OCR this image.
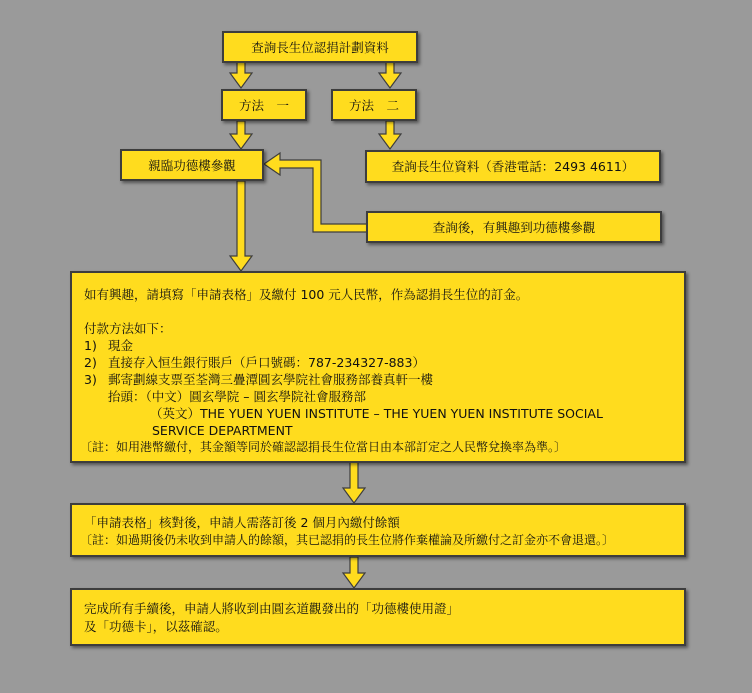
查詢長生位認捐計劃資料
方法　一	方法　二
親臨功德樓參觀	查詢長生位資料（香港電話：2493 4611）
查詢後，有興趣到功德樓參觀
如有興趣，請填寫「申請表格」及繳付 100 元人民幣，作為認捐長生位的訂金。
付款方法如下：
1) 現金
2) 直接存入恒生銀行賬戶（戶口號碼：787-234327-883）
3) 郵寄劃線支票至荃灣三疊潭圓玄學院社會服務部養真軒一樓
抬頭：（中文）圓玄學院 – 圓玄學院社會服務部
（英文）THE YUEN YUEN INSTITUTE – THE YUEN YUEN INSTITUTE SOCIAL
SERVICE DEPARTMENT
〔註：如用港幣繳付，其金額等同於確認認捐長生位當日由本部訂定之人民幣兌換率為準。〕
「申請表格」核對後，申請人需落訂後 2 個月內繳付餘額
〔註：如過期後仍未收到申請人的餘額，其已認捐的長生位將作棄權論及所繳付之訂金亦不會退還。〕
完成所有手續後，申請人將收到由圓玄道觀發出的「功德樓使用證」
及「功德卡」，以茲確認。
